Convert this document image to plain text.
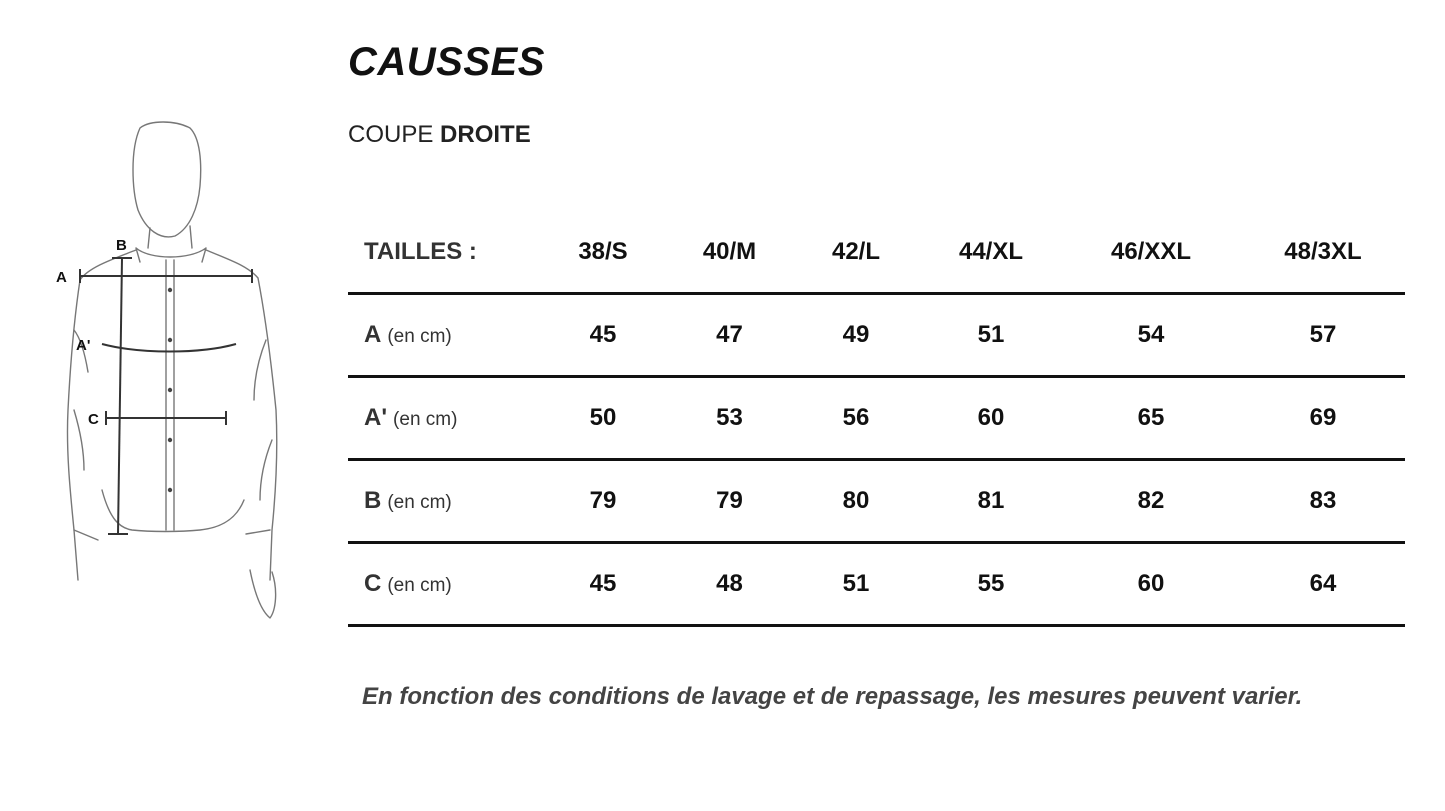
A
B
A'
C
CAUSSES

COUPE DROITE

TAILLES :	38/S	40/M	42/L	44/XL	46/XXL	48/3XL
A (en cm)	45	47	49	51	54	57
A' (en cm)	50	53	56	60	65	69
B (en cm)	79	79	80	81	82	83
C (en cm)	45	48	51	55	60	64

En fonction des conditions de lavage et de repassage, les mesures peuvent varier.
